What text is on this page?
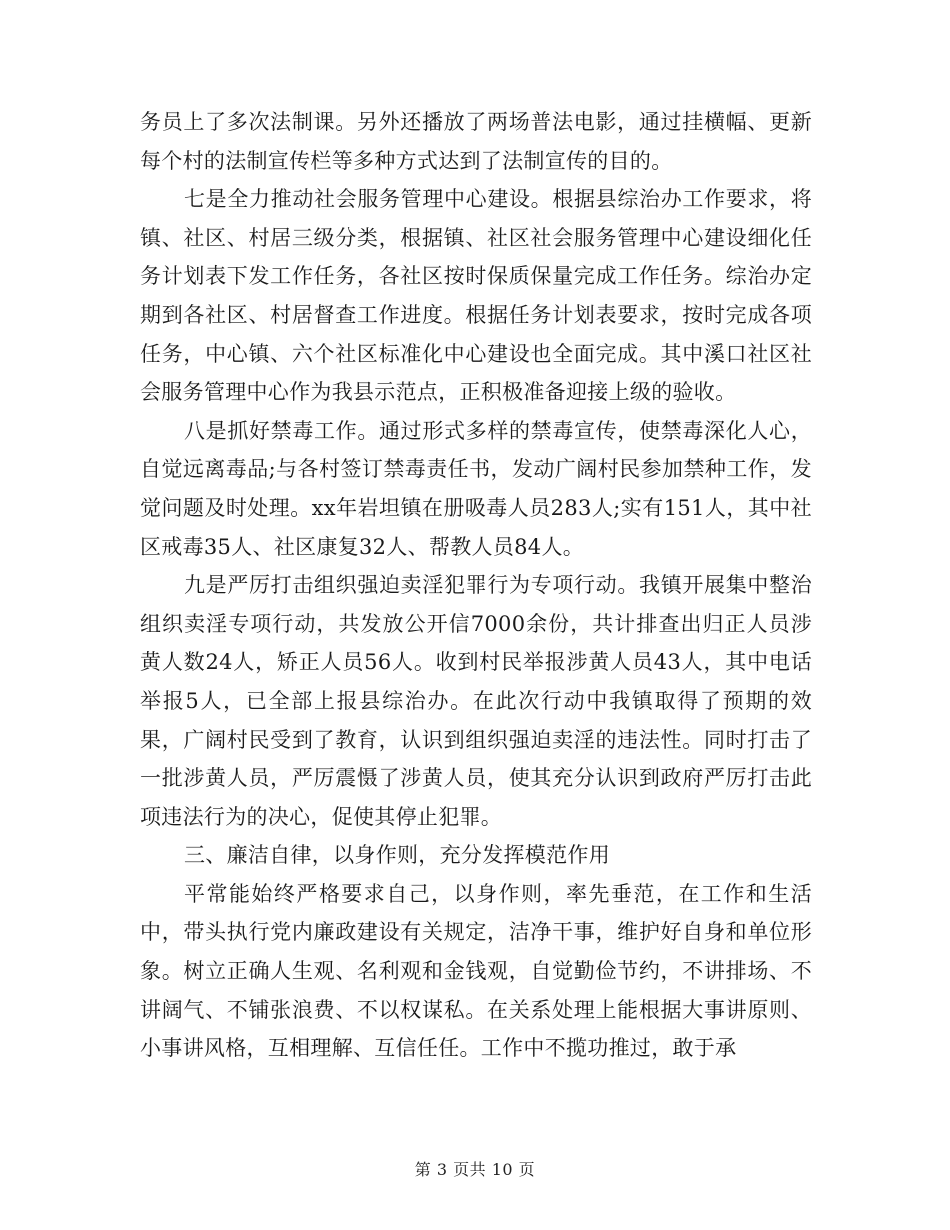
务员上了多次法制课。另外还播放了两场普法电影，通过挂横幅、更新每个村的法制宣传栏等多种方式达到了法制宣传的目的。

七是全力推动社会服务管理中心建设。根据县综治办工作要求，将镇、社区、村居三级分类，根据镇、社区社会服务管理中心建设细化任务计划表下发工作任务，各社区按时保质保量完成工作任务。综治办定期到各社区、村居督查工作进度。根据任务计划表要求，按时完成各项任务，中心镇、六个社区标准化中心建设也全面完成。其中溪口社区社会服务管理中心作为我县示范点，正积极准备迎接上级的验收。

八是抓好禁毒工作。通过形式多样的禁毒宣传，使禁毒深化人心，自觉远离毒品;与各村签订禁毒责任书，发动广阔村民参加禁种工作，发觉问题及时处理。xx年岩坦镇在册吸毒人员283人;实有151人，其中社区戒毒35人、社区康复32人、帮教人员84人。

九是严厉打击组织强迫卖淫犯罪行为专项行动。我镇开展集中整治组织卖淫专项行动，共发放公开信7000余份，共计排查出归正人员涉黄人数24人，矫正人员56人。收到村民举报涉黄人员43人，其中电话举报5人，已全部上报县综治办。在此次行动中我镇取得了预期的效果，广阔村民受到了教育，认识到组织强迫卖淫的违法性。同时打击了一批涉黄人员，严厉震慑了涉黄人员，使其充分认识到政府严厉打击此项违法行为的决心，促使其停止犯罪。

三、廉洁自律，以身作则，充分发挥模范作用

平常能始终严格要求自己，以身作则，率先垂范，在工作和生活中，带头执行党内廉政建设有关规定，洁净干事，维护好自身和单位形象。树立正确人生观、名利观和金钱观，自觉勤俭节约，不讲排场、不讲阔气、不铺张浪费、不以权谋私。在关系处理上能根据大事讲原则、小事讲风格，互相理解、互信任任。工作中不揽功推过，敢于承

第 3 页共 10 页
